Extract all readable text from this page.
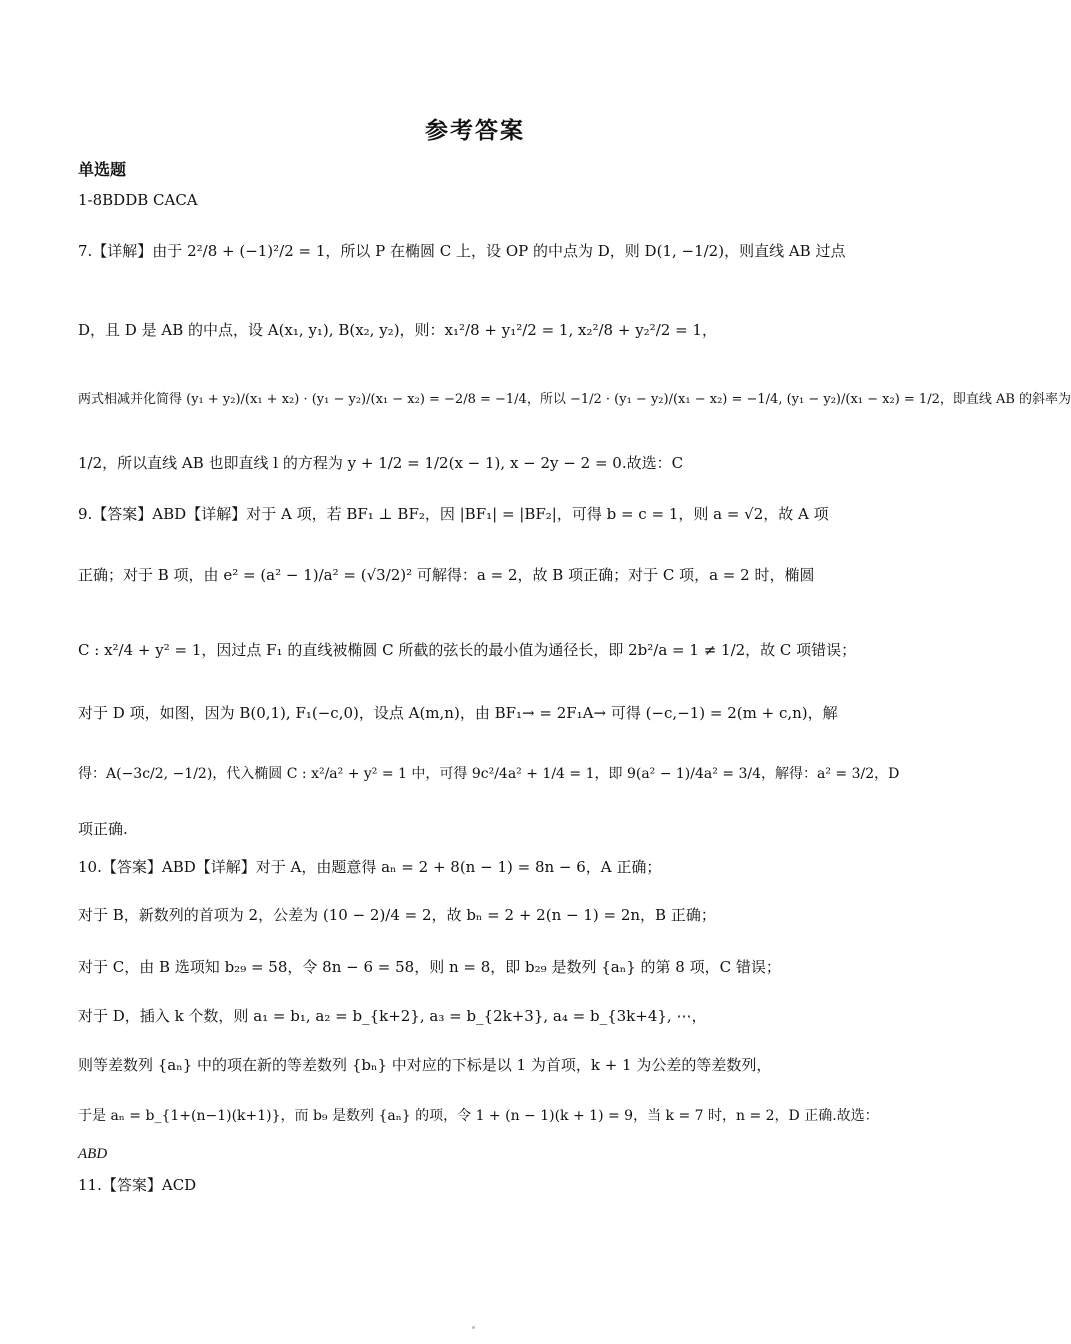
参考答案
单选题
1-8BDDB CACA
7.【详解】由于 2²/8 + (−1)²/2 = 1，所以 P 在椭圆 C 上，设 OP 的中点为 D，则 D(1, −1/2)，则直线 AB 过点
D，且 D 是 AB 的中点，设 A(x₁, y₁), B(x₂, y₂)，则：x₁²/8 + y₁²/2 = 1, x₂²/8 + y₂²/2 = 1，
两式相减并化简得 (y₁ + y₂)/(x₁ + x₂) · (y₁ − y₂)/(x₁ − x₂) = −2/8 = −1/4，所以 −1/2 · (y₁ − y₂)/(x₁ − x₂) = −1/4, (y₁ − y₂)/(x₁ − x₂) = 1/2，即直线 AB 的斜率为
1/2，所以直线 AB 也即直线 l 的方程为 y + 1/2 = 1/2(x − 1), x − 2y − 2 = 0.故选：C
9.【答案】ABD【详解】对于 A 项，若 BF₁ ⊥ BF₂，因 |BF₁| = |BF₂|，可得 b = c = 1，则 a = √2，故 A 项
正确；对于 B 项，由 e² = (a² − 1)/a² = (√3/2)² 可解得：a = 2，故 B 项正确；对于 C 项，a = 2 时，椭圆
C : x²/4 + y² = 1，因过点 F₁ 的直线被椭圆 C 所截的弦长的最小值为通径长，即 2b²/a = 1 ≠ 1/2，故 C 项错误；
对于 D 项，如图，因为 B(0,1), F₁(−c,0)，设点 A(m,n)，由 BF₁→ = 2F₁A→ 可得 (−c,−1) = 2(m + c,n)，解
得：A(−3c/2, −1/2)，代入椭圆 C : x²/a² + y² = 1 中，可得 9c²/4a² + 1/4 = 1，即 9(a² − 1)/4a² = 3/4，解得：a² = 3/2，D
项正确.
10.【答案】ABD【详解】对于 A，由题意得 aₙ = 2 + 8(n − 1) = 8n − 6，A 正确；
对于 B，新数列的首项为 2，公差为 (10 − 2)/4 = 2，故 bₙ = 2 + 2(n − 1) = 2n，B 正确；
对于 C，由 B 选项知 b₂₉ = 58，令 8n − 6 = 58，则 n = 8，即 b₂₉ 是数列 {aₙ} 的第 8 项，C 错误；
对于 D，插入 k 个数，则 a₁ = b₁, a₂ = b_{k+2}, a₃ = b_{2k+3}, a₄ = b_{3k+4}, ⋯，
则等差数列 {aₙ} 中的项在新的等差数列 {bₙ} 中对应的下标是以 1 为首项，k + 1 为公差的等差数列，
于是 aₙ = b_{1+(n−1)(k+1)}，而 b₉ 是数列 {aₙ} 的项，令 1 + (n − 1)(k + 1) = 9，当 k = 7 时，n = 2，D 正确.故选：
ABD
11.【答案】ACD
